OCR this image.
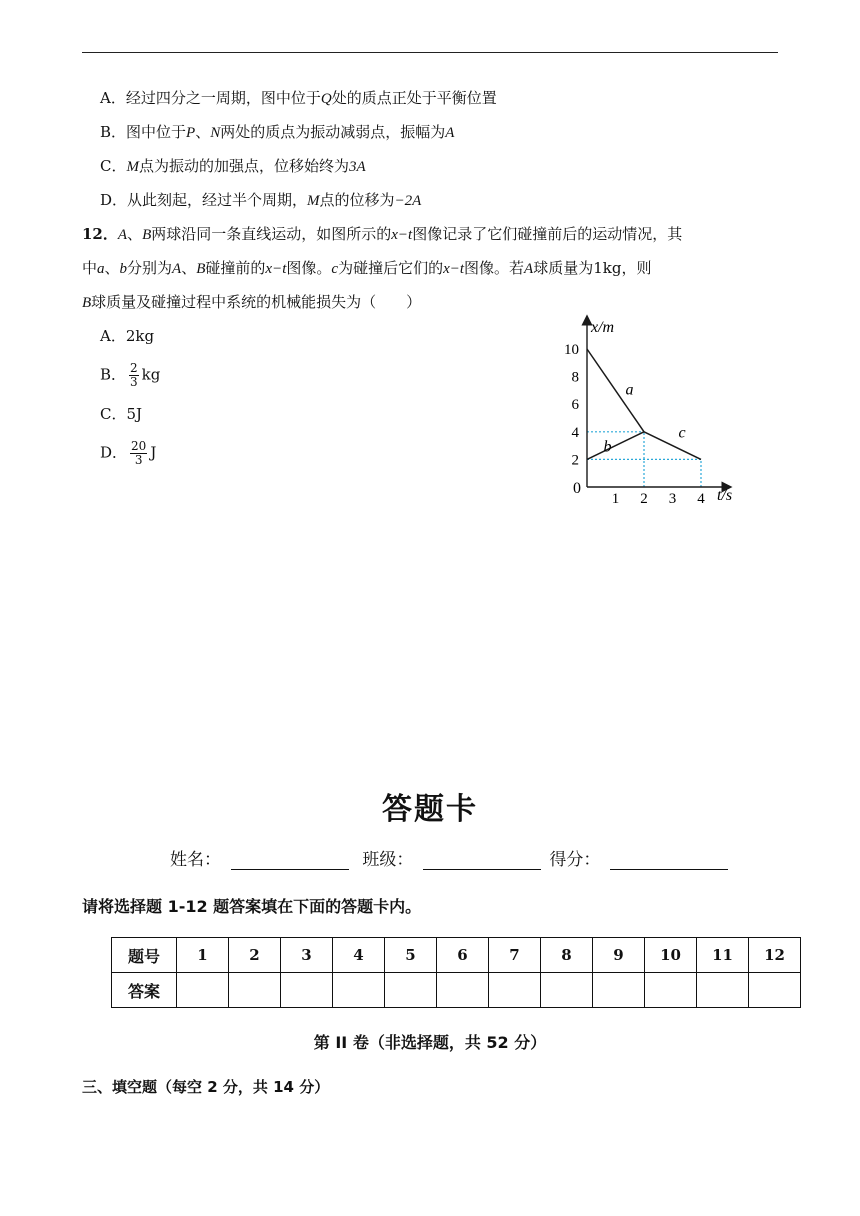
A．经过四分之一周期，图中位于Q处的质点正处于平衡位置
B．图中位于P、N两处的质点为振动减弱点，振幅为A
C．M点为振动的加强点，位移始终为3A
D．从此刻起，经过半个周期，M点的位移为−2A
12．A、B两球沿同一条直线运动，如图所示的x−t图像记录了它们碰撞前后的运动情况，其
中a、b分别为A、B碰撞前的x−t图像。c为碰撞后它们的x−t图像。若A球质量为1kg，则
B球质量及碰撞过程中系统的机械能损失为（　　）
A．2kg
B． $\frac{2}{3}$ kg
C．5J
D． $\frac{20}{3}$ J
a
b
c
1 2 3 4
2
4
6
8
10
x/m
t/s
0
答题卡
姓名：	班级：	得分：
请将选择题 1-12 题答案填在下面的答题卡内。
题号	1	2	3	4	5	6	7	8	9	10	11	12
答案												
第 II 卷（非选择题，共 52 分）
三、填空题（每空 2 分，共 14 分）
